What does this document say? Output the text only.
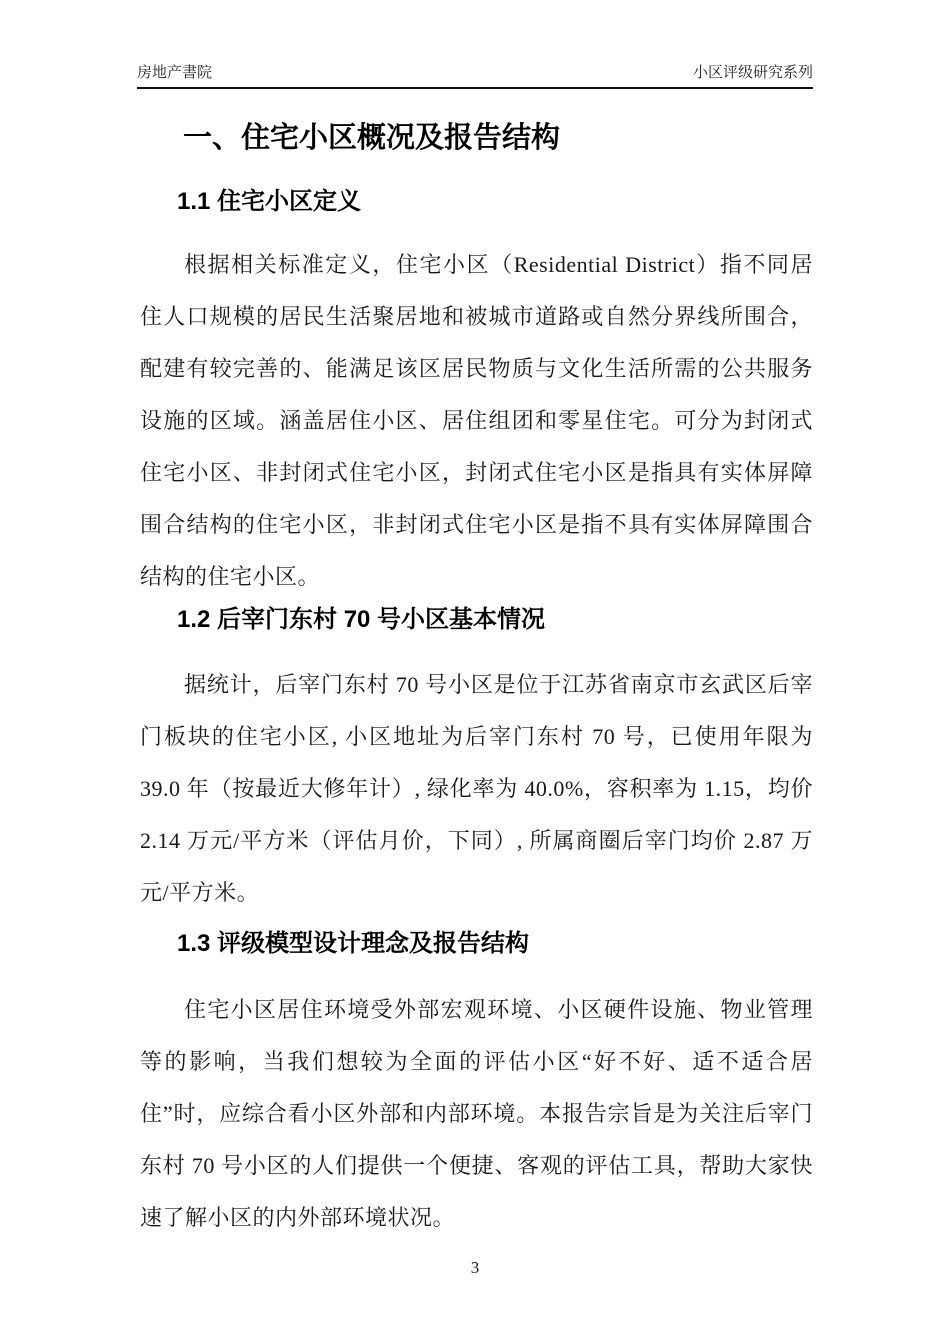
房地产書院	小区评级研究系列
一、住宅小区概况及报告结构
1.1 住宅小区定义

根据相关标准定义，住宅小区（Residential District）指不同居住人口规模的居民生活聚居地和被城市道路或自然分界线所围合，配建有较完善的、能满足该区居民物质与文化生活所需的公共服务设施的区域。涵盖居住小区、居住组团和零星住宅。可分为封闭式住宅小区、非封闭式住宅小区，封闭式住宅小区是指具有实体屏障围合结构的住宅小区，非封闭式住宅小区是指不具有实体屏障围合结构的住宅小区。

1.2 后宰门东村 70 号小区基本情况

据统计，后宰门东村 70 号小区是位于江苏省南京市玄武区后宰门板块的住宅小区, 小区地址为后宰门东村 70 号，已使用年限为 39.0 年（按最近大修年计）, 绿化率为 40.0%，容积率为 1.15，均价 2.14 万元/平方米（评估月价，下同）, 所属商圈后宰门均价 2.87 万元/平方米。

1.3 评级模型设计理念及报告结构

住宅小区居住环境受外部宏观环境、小区硬件设施、物业管理等的影响，当我们想较为全面的评估小区“好不好、适不适合居住”时，应综合看小区外部和内部环境。本报告宗旨是为关注后宰门东村 70 号小区的人们提供一个便捷、客观的评估工具，帮助大家快速了解小区的内外部环境状况。

3
